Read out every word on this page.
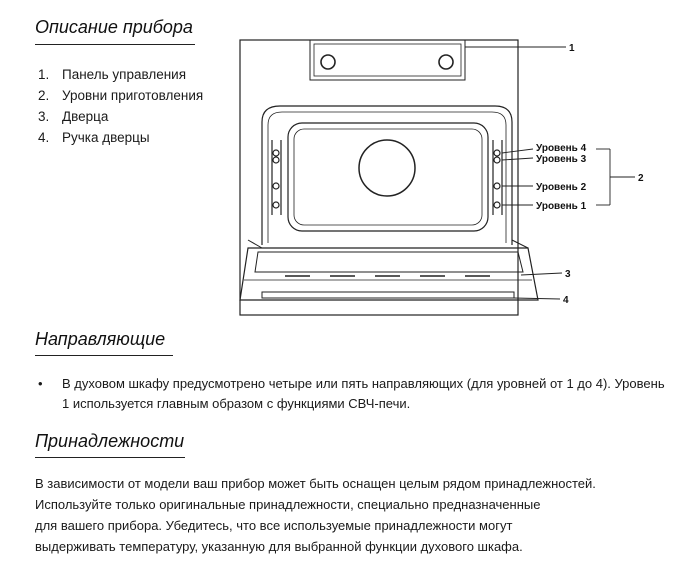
Описание прибора
1. Панель управления
2. Уровни приготовления
3. Дверца
4. Ручка дверцы
1
2
3
4
Уровень 4
Уровень 3
Уровень 2
Уровень 1
Направляющие
• В духовом шкафу предусмотрено четыре или пять направляющих (для уровней от 1 до 4). Уровень 1 используется главным образом с функциями СВЧ-печи.
Принадлежности
В зависимости от модели ваш прибор может быть оснащен целым рядом принадлежностей.
Используйте только оригинальные принадлежности, специально предназначенные
для вашего прибора. Убедитесь, что все используемые принадлежности могут
выдерживать температуру, указанную для выбранной функции духового шкафа.
